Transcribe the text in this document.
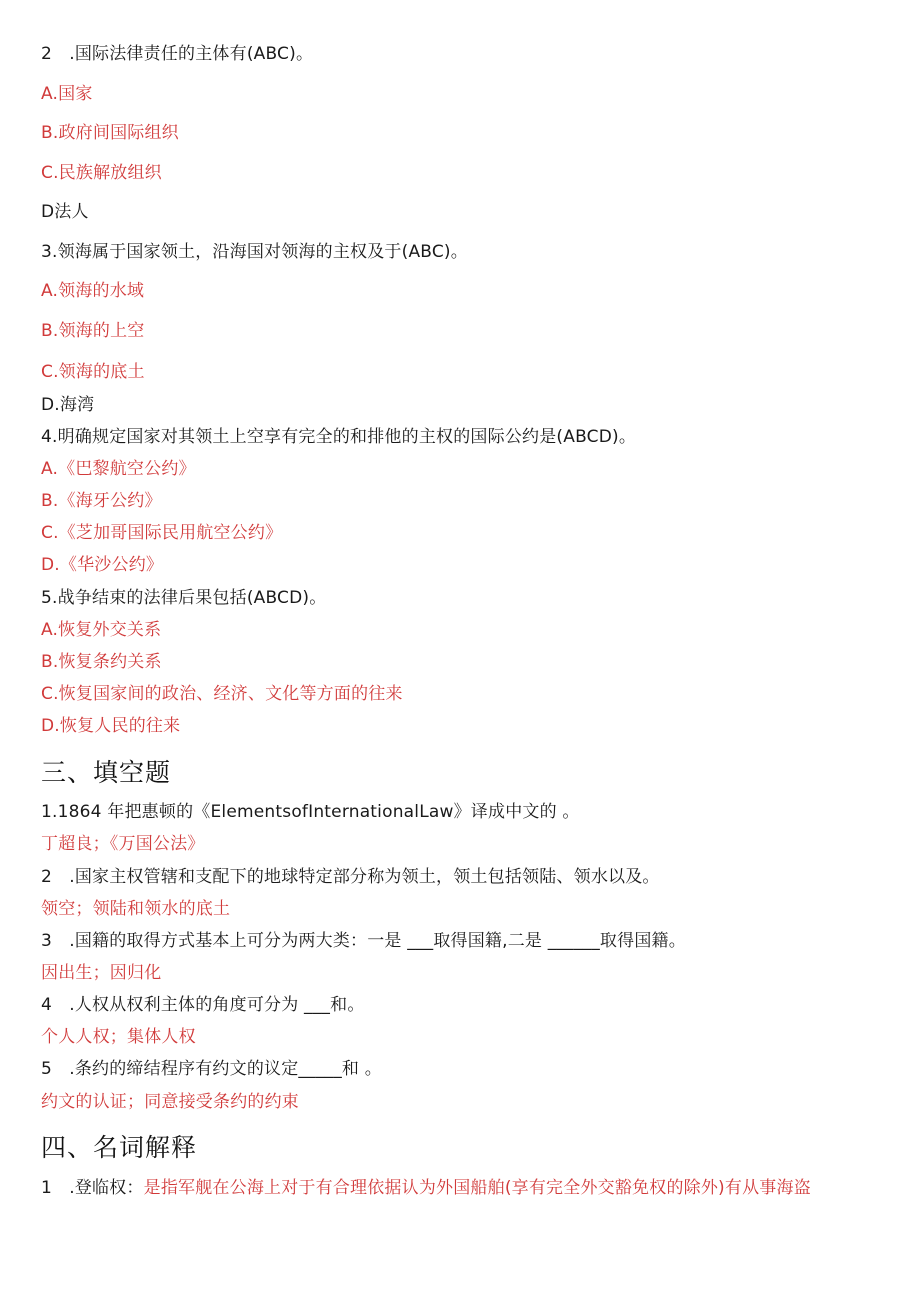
2　.国际法律责任的主体有(ABC)。
A.国家
B.政府间国际组织
C.民族解放组织
D法人
3.领海属于国家领土，沿海国对领海的主权及于(ABC)。
A.领海的水域
B.领海的上空
C.领海的底土
D.海湾
4.明确规定国家对其领土上空享有完全的和排他的主权的国际公约是(ABCD)。
A.《巴黎航空公约》
B.《海牙公约》
C.《芝加哥国际民用航空公约》
D.《华沙公约》
5.战争结束的法律后果包括(ABCD)。
A.恢复外交关系
B.恢复条约关系
C.恢复国家间的政治、经济、文化等方面的往来
D.恢复人民的往来
三、填空题
1.1864 年把惠顿的《ElementsofInternationalLaw》译成中文的 。
丁超良；《万国公法》
2　.国家主权管辖和支配下的地球特定部分称为领土，领土包括领陆、领水以及。
领空；领陆和领水的底土
3　.国籍的取得方式基本上可分为两大类：一是 ___取得国籍,二是 ______取得国籍。
因出生；因归化
4　.人权从权利主体的角度可分为 ___和。
个人人权；集体人权
5　.条约的缔结程序有约文的议定_____和 。
约文的认证；同意接受条约的约束
四、名词解释
1　.登临权：是指军舰在公海上对于有合理依据认为外国船舶(享有完全外交豁免权的除外)有从事海盗
